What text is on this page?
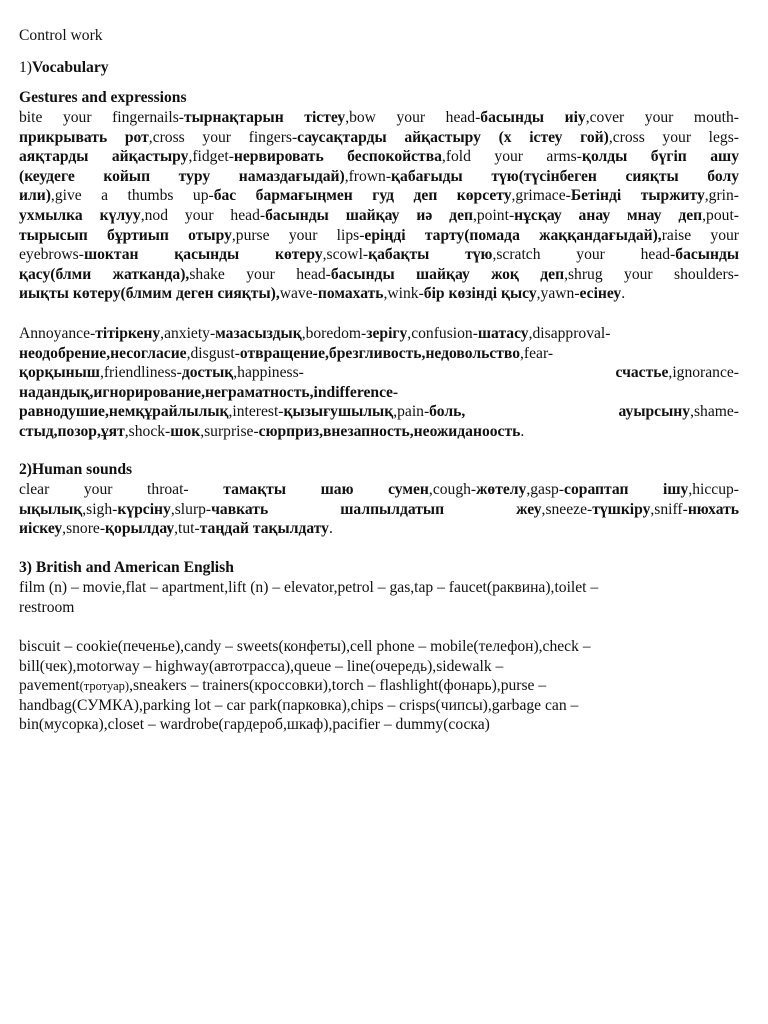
Control work
1)Vocabulary
Gestures and expressions
bite your fingernails-тырнақтарын тістеу,bow your head-басынды иіу,cover your mouth-
прикрывать рот,cross your fingers-саусақтарды айқастыру (х істеу гой),cross your legs-
аяқтарды айқастыру,fidget-нервировать беспокойства,fold your arms-қолды бүгіп ашу
(кеудеге койып туру намаздағыдай),frown-қабағыды түю(түсінбеген сияқты болу
или),give a thumbs up-бас бармағыңмен гуд деп көрсету,grimace-Бетінді тыржиту,grin-
ухмылка күлуу,nod your head-басынды шайқау иә деп,point-нұсқау анау мнау деп,pout-
тырысып бұртиып отыру,purse your lips-еріңді тарту(помада жаққандағыдай),raise your
eyebrows-шоктан қасынды көтеру,scowl-қабақты түю,scratch your head-басынды
қасу(блми жатканда),shake your head-басынды шайқау жоқ деп,shrug your shoulders-
иықты көтеру(блмим деген сияқты),wave-помахать,wink-бір көзінді қысу,yawn-есінеу.
Annoyance-тітіркену,anxiety-мазасыздық,boredom-зерігу,confusion-шатасу,disapproval-
неодобрение,несогласие,disgust-отвращение,брезгливость,недовольство,fear-
қорқыныш,friendliness-достық,happiness- счастье,ignorance-
надандық,игнорирование,неграматность,indifference-
равнодушие,немқұрайлылық,interest-қызығушылық,pain-боль, ауырсыну,shame-
стыд,позор,ұят,shock-шок,surprise-сюрприз,внезапность,неожиданоость.
2)Human sounds
clear your throat- тамақты шаю сумен,cough-жөтелу,gasp-сораптап ішу,hiccup-
ықылық,sigh-күрсіну,slurp-чавкать шалпылдатып жеу,sneeze-түшкіру,sniff-нюхать
иіскеу,snore-қорылдау,tut-таңдай тақылдату.
3) British and American English
film (n) – movie,flat – apartment,lift (n) – elevator,petrol – gas,tap – faucet(раквина),toilet –
restroom
biscuit – cookie(печенье),candy – sweets(конфеты),cell phone – mobile(телефон),check –
bill(чек),motorway – highway(автотрасса),queue – line(очередь),sidewalk –
pavement(тротуар),sneakers – trainers(кроссовки),torch – flashlight(фонарь),purse –
handbag(СУМКА),parking lot – car park(парковка),chips – crisps(чипсы),garbage can –
bin(мусорка),closet – wardrobe(гардероб,шкаф),pacifier – dummy(соска)
